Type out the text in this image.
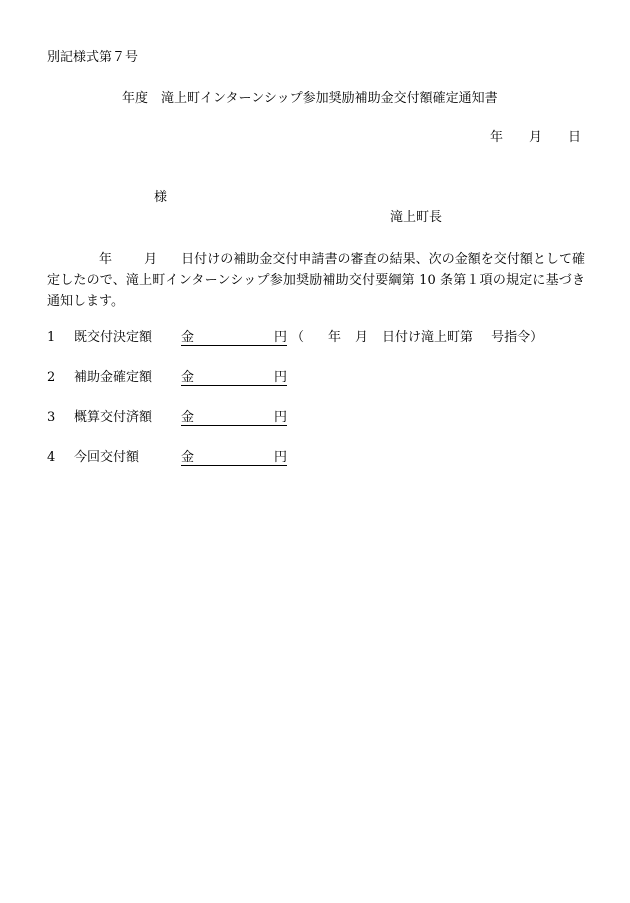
別記様式第７号
年度　滝上町インターンシップ参加奨励補助金交付額確定通知書
年 月 日
様
滝上町長
年 月 日付けの補助金交付申請書の審査の結果、次の金額を交付額として確定したので、滝上町インターンシップ参加奨励補助交付要綱第 10 条第１項の規定に基づき通知します。
1 既交付決定額 金	円 （ 年 月 日付け滝上町第 号指令）
2 補助金確定額 金	円
3 概算交付済額 金	円
4 今回交付額	金	円
